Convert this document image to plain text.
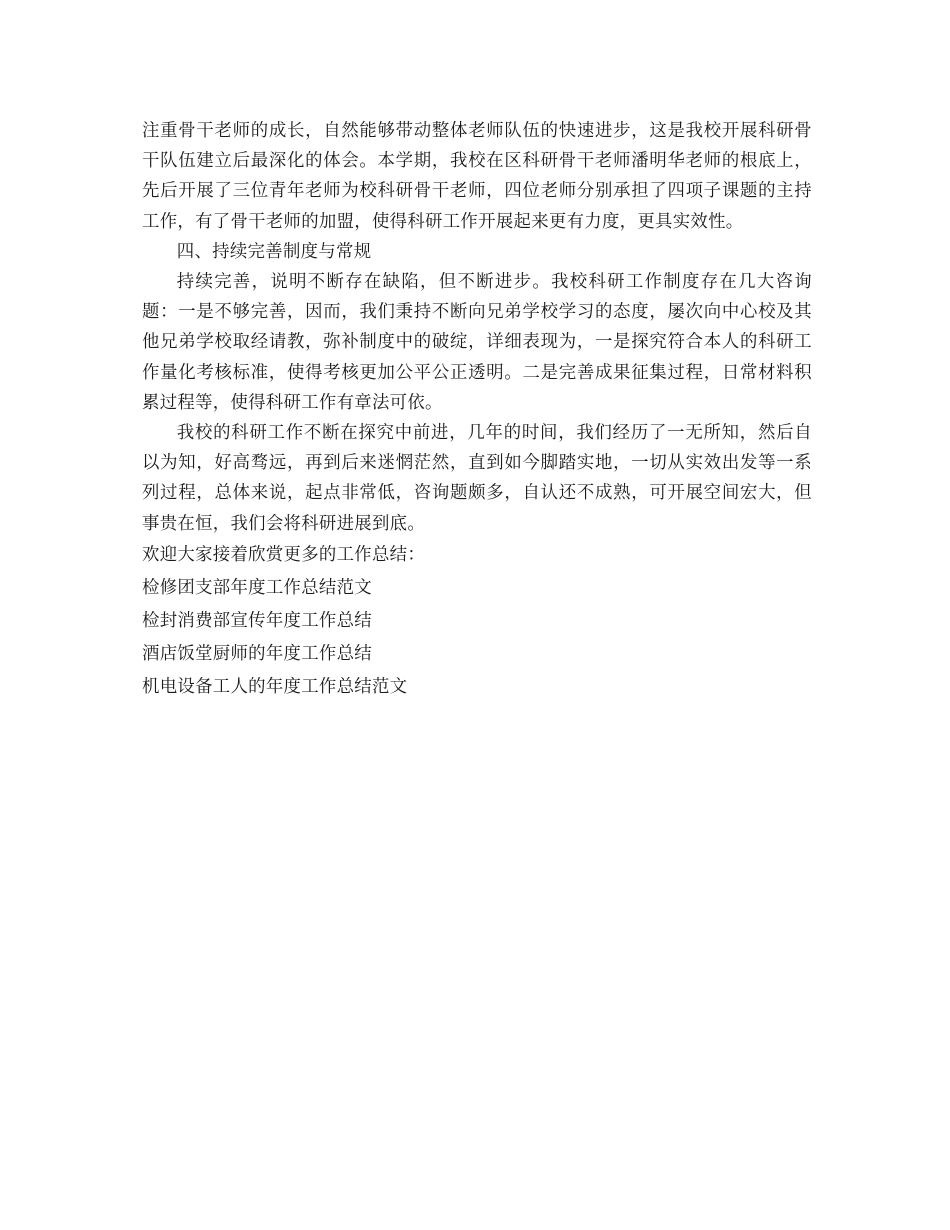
注重骨干老师的成长，自然能够带动整体老师队伍的快速进步，这是我校开展科研骨干队伍建立后最深化的体会。本学期，我校在区科研骨干老师潘明华老师的根底上，先后开展了三位青年老师为校科研骨干老师，四位老师分别承担了四项子课题的主持工作，有了骨干老师的加盟，使得科研工作开展起来更有力度，更具实效性。

四、持续完善制度与常规

持续完善，说明不断存在缺陷，但不断进步。我校科研工作制度存在几大咨询题：一是不够完善，因而，我们秉持不断向兄弟学校学习的态度，屡次向中心校及其他兄弟学校取经请教，弥补制度中的破绽，详细表现为，一是探究符合本人的科研工作量化考核标准，使得考核更加公平公正透明。二是完善成果征集过程，日常材料积累过程等，使得科研工作有章法可依。

我校的科研工作不断在探究中前进，几年的时间，我们经历了一无所知，然后自以为知，好高骛远，再到后来迷惘茫然，直到如今脚踏实地，一切从实效出发等一系列过程，总体来说，起点非常低，咨询题颇多，自认还不成熟，可开展空间宏大，但事贵在恒，我们会将科研进展到底。

欢迎大家接着欣赏更多的工作总结：

检修团支部年度工作总结范文
检封消费部宣传年度工作总结
酒店饭堂厨师的年度工作总结
机电设备工人的年度工作总结范文
